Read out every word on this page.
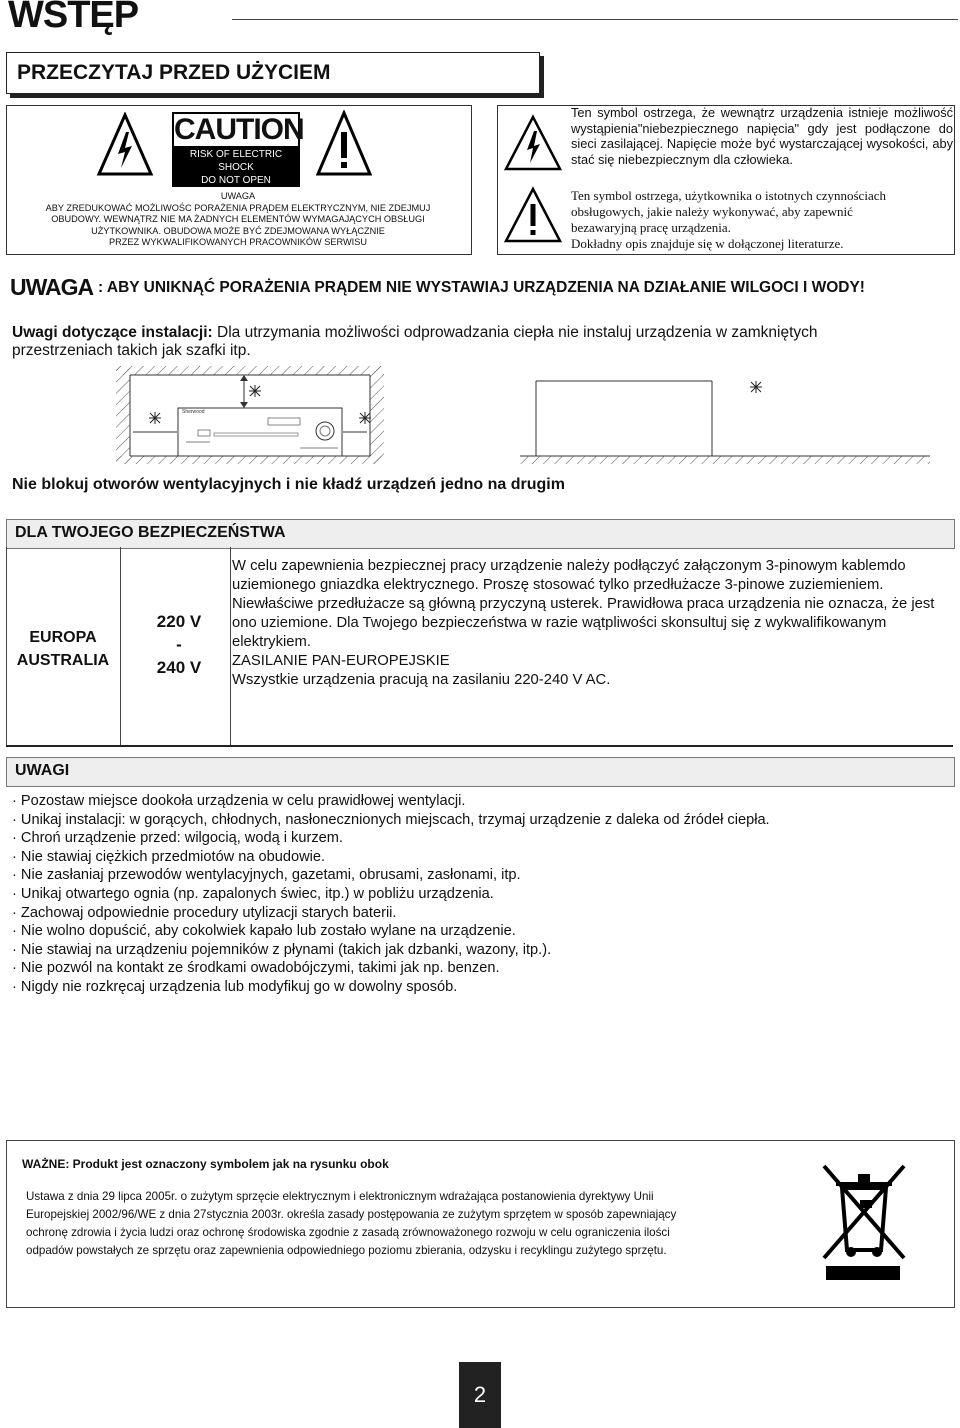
WSTĘP
PRZECZYTAJ PRZED UŻYCIEM
CAUTION
RISK OF ELECTRIC SHOCK
DO NOT OPEN
UWAGA
ABY ZREDUKOWAĆ MOŻLIWOŚC PORAŻENIA PRĄDEM ELEKTRYCZNYM, NIE ZDEJMUJ
OBUDOWY. WEWNĄTRZ NIE MA ŻADNYCH ELEMENTÓW WYMAGAJĄCYCH OBSŁUGI
UŻYTKOWNIKA. OBUDOWA MOŻE BYĆ ZDEJMOWANA WYŁĄCZNIE
PRZEZ WYKWALIFIKOWANYCH PRACOWNIKÓW SERWISU
Ten symbol ostrzega, że wewnątrz urządzenia istnieje możliwość wystąpienia"niebezpiecznego napięcia" gdy jest podłączone do sieci zasilającej. Napięcie może być wystarczającej wysokości, aby stać się niebezpiecznym dla człowieka.
Ten symbol ostrzega, użytkownika o istotnych czynnościach
obsługowych, jakie należy wykonywać, aby zapewnić
bezawaryjną pracę urządzenia.
Dokładny opis znajduje się w dołączonej literaturze.
UWAGA : ABY UNIKNĄĆ PORAŻENIA PRĄDEM NIE WYSTAWIAJ URZĄDZENIA NA DZIAŁANIE WILGOCI I WODY!
Uwagi dotyczące instalacji: Dla utrzymania możliwości odprowadzania ciepła nie instaluj urządzenia w zamkniętych przestrzeniach takich jak szafki itp.
Sherwood
Nie blokuj otworów wentylacyjnych i nie kładź urządzeń jedno na drugim
DLA TWOJEGO BEZPIECZEŃSTWA
EUROPA
AUSTRALIA
220 V
-
240 V
W celu zapewnienia bezpiecznej pracy urządzenie należy podłączyć załączonym 3-pinowym kablemdo uziemionego gniazdka elektrycznego. Proszę stosować tylko przedłużacze 3-pinowe zuziemieniem. Niewłaściwe przedłużacze są główną przyczyną usterek. Prawidłowa praca urządzenia nie oznacza, że jest ono uziemione. Dla Twojego bezpieczeństwa w razie wątpliwości skonsultuj się z wykwalifikowanym elektrykiem.
ZASILANIE PAN-EUROPEJSKIE
Wszystkie urządzenia pracują na zasilaniu 220-240 V AC.
UWAGI
· Pozostaw miejsce dookoła urządzenia w celu prawidłowej wentylacji.
· Unikaj instalacji: w gorących, chłodnych, nasłonecznionych miejscach, trzymaj urządzenie z daleka od źródeł ciepła.
· Chroń urządzenie przed: wilgocią, wodą i kurzem.
· Nie stawiaj ciężkich przedmiotów na obudowie.
· Nie zasłaniaj przewodów wentylacyjnych, gazetami, obrusami, zasłonami, itp.
· Unikaj otwartego ognia (np. zapalonych świec, itp.) w pobliżu urządzenia.
· Zachowaj odpowiednie procedury utylizacji starych baterii.
· Nie wolno dopuścić, aby cokolwiek kapało lub zostało wylane na urządzenie.
· Nie stawiaj na urządzeniu pojemników z płynami (takich jak dzbanki, wazony, itp.).
· Nie pozwól na kontakt ze środkami owadobójczymi, takimi jak np. benzen.
· Nigdy nie rozkręcaj urządzenia lub modyfikuj go w dowolny sposób.
WAŻNE: Produkt jest oznaczony symbolem jak na rysunku obok
Ustawa z dnia 29 lipca 2005r. o zużytym sprzęcie elektrycznym i elektronicznym wdrażająca postanowienia dyrektywy Unii
Europejskiej 2002/96/WE z dnia 27stycznia 2003r. określa zasady postępowania ze zużytym sprzętem w sposób zapewniający
ochronę zdrowia i życia ludzi oraz ochronę środowiska zgodnie z zasadą zrównoważonego rozwoju w celu ograniczenia ilości
odpadów powstałych ze sprzętu oraz zapewnienia odpowiedniego poziomu zbierania, odzysku i recyklingu zużytego sprzętu.
2
